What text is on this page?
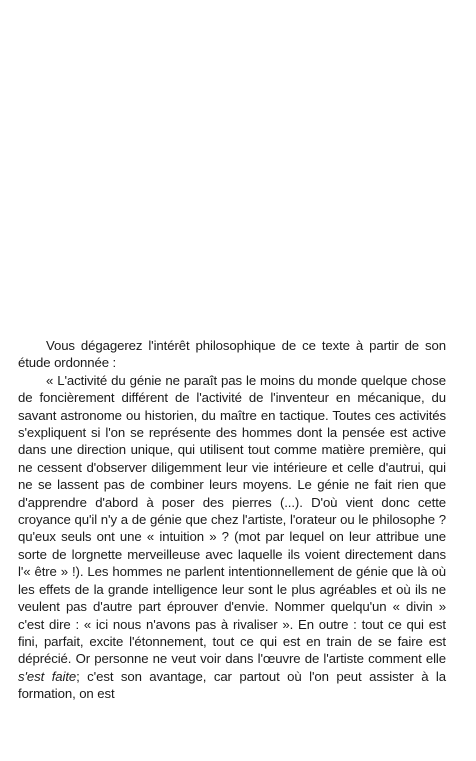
Vous dégagerez l'intérêt philosophique de ce texte à partir de son étude ordonnée :

« L'activité du génie ne paraît pas le moins du monde quelque chose de foncièrement différent de l'activité de l'inventeur en mécanique, du savant astronome ou historien, du maître en tactique. Toutes ces activités s'expliquent si l'on se représente des hommes dont la pensée est active dans une direction unique, qui utilisent tout comme matière première, qui ne cessent d'observer diligemment leur vie intérieure et celle d'autrui, qui ne se lassent pas de combiner leurs moyens. Le génie ne fait rien que d'apprendre d'abord à poser des pierres (...). D'où vient donc cette croyance qu'il n'y a de génie que chez l'artiste, l'orateur ou le philosophe ? qu'eux seuls ont une « intuition » ? (mot par lequel on leur attribue une sorte de lorgnette merveilleuse avec laquelle ils voient directement dans l'« être » !). Les hommes ne parlent intentionnellement de génie que là où les effets de la grande intelligence leur sont le plus agréables et où ils ne veulent pas d'autre part éprouver d'envie. Nommer quelqu'un « divin » c'est dire : « ici nous n'avons pas à rivaliser ». En outre : tout ce qui est fini, parfait, excite l'étonnement, tout ce qui est en train de se faire est déprécié. Or personne ne veut voir dans l'œuvre de l'artiste comment elle s'est faite; c'est son avantage, car partout où l'on peut assister à la formation, on est
